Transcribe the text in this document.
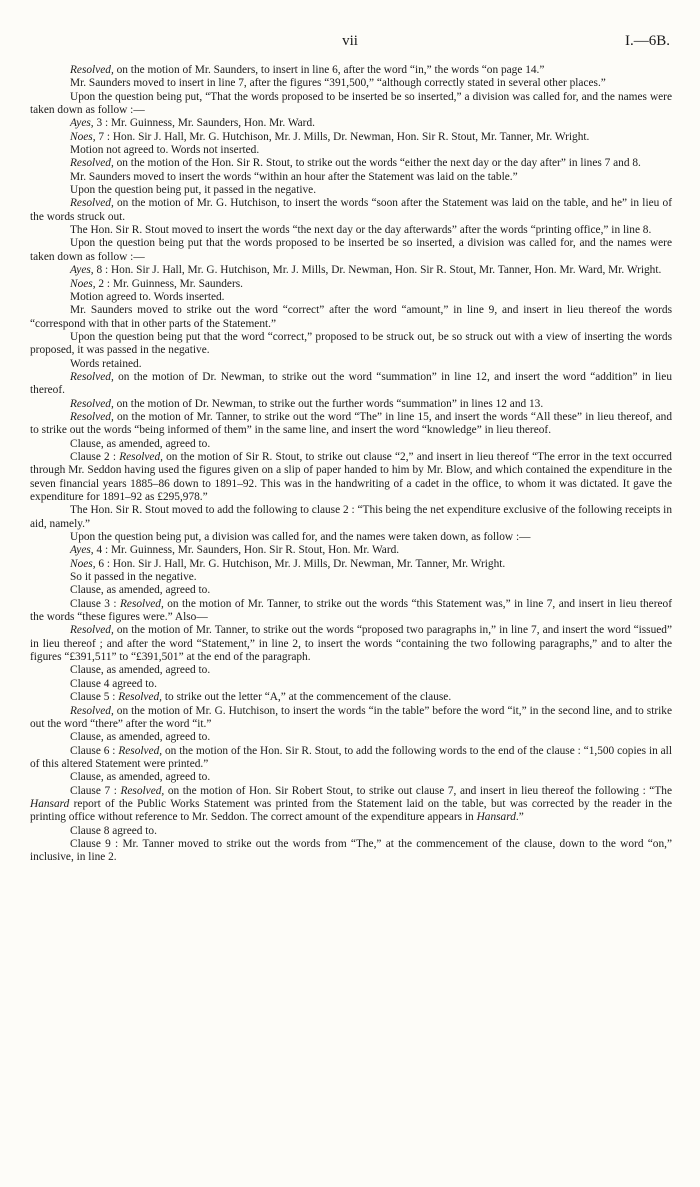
vii	I.—6B.

Resolved, on the motion of Mr. Saunders, to insert in line 6, after the word “in,” the words “on page 14.”

Mr. Saunders moved to insert in line 7, after the figures “391,500,” “although correctly stated in several other places.”

Upon the question being put, “That the words proposed to be inserted be so inserted,” a division was called for, and the names were taken down as follow :—

Ayes, 3 : Mr. Guinness, Mr. Saunders, Hon. Mr. Ward.

Noes, 7 : Hon. Sir J. Hall, Mr. G. Hutchison, Mr. J. Mills, Dr. Newman, Hon. Sir R. Stout, Mr. Tanner, Mr. Wright.

Motion not agreed to. Words not inserted.

Resolved, on the motion of the Hon. Sir R. Stout, to strike out the words “either the next day or the day after” in lines 7 and 8.

Mr. Saunders moved to insert the words “within an hour after the Statement was laid on the table.”

Upon the question being put, it passed in the negative.

Resolved, on the motion of Mr. G. Hutchison, to insert the words “soon after the Statement was laid on the table, and he” in lieu of the words struck out.

The Hon. Sir R. Stout moved to insert the words “the next day or the day afterwards” after the words “printing office,” in line 8.

Upon the question being put that the words proposed to be inserted be so inserted, a division was called for, and the names were taken down as follow :—

Ayes, 8 : Hon. Sir J. Hall, Mr. G. Hutchison, Mr. J. Mills, Dr. Newman, Hon. Sir R. Stout, Mr. Tanner, Hon. Mr. Ward, Mr. Wright.

Noes, 2 : Mr. Guinness, Mr. Saunders.

Motion agreed to. Words inserted.

Mr. Saunders moved to strike out the word “correct” after the word “amount,” in line 9, and insert in lieu thereof the words “correspond with that in other parts of the Statement.”

Upon the question being put that the word “correct,” proposed to be struck out, be so struck out with a view of inserting the words proposed, it was passed in the negative.

Words retained.

Resolved, on the motion of Dr. Newman, to strike out the word “summation” in line 12, and insert the word “addition” in lieu thereof.

Resolved, on the motion of Dr. Newman, to strike out the further words “summation” in lines 12 and 13.

Resolved, on the motion of Mr. Tanner, to strike out the word “The” in line 15, and insert the words “All these” in lieu thereof, and to strike out the words “being informed of them” in the same line, and insert the word “knowledge” in lieu thereof.

Clause, as amended, agreed to.

Clause 2 : Resolved, on the motion of Sir R. Stout, to strike out clause “2,” and insert in lieu thereof “The error in the text occurred through Mr. Seddon having used the figures given on a slip of paper handed to him by Mr. Blow, and which contained the expenditure in the seven financial years 1885–86 down to 1891–92. This was in the handwriting of a cadet in the office, to whom it was dictated. It gave the expenditure for 1891–92 as £295,978.”

The Hon. Sir R. Stout moved to add the following to clause 2 : “This being the net expenditure exclusive of the following receipts in aid, namely.”

Upon the question being put, a division was called for, and the names were taken down, as follow :—

Ayes, 4 : Mr. Guinness, Mr. Saunders, Hon. Sir R. Stout, Hon. Mr. Ward.

Noes, 6 : Hon. Sir J. Hall, Mr. G. Hutchison, Mr. J. Mills, Dr. Newman, Mr. Tanner, Mr. Wright.

So it passed in the negative.

Clause, as amended, agreed to.

Clause 3 : Resolved, on the motion of Mr. Tanner, to strike out the words “this Statement was,” in line 7, and insert in lieu thereof the words “these figures were.” Also—

Resolved, on the motion of Mr. Tanner, to strike out the words “proposed two paragraphs in,” in line 7, and insert the word “issued” in lieu thereof ; and after the word “Statement,” in line 2, to insert the words “containing the two following paragraphs,” and to alter the figures “£391,511” to “£391,501” at the end of the paragraph.

Clause, as amended, agreed to.

Clause 4 agreed to.

Clause 5 : Resolved, to strike out the letter “A,” at the commencement of the clause.

Resolved, on the motion of Mr. G. Hutchison, to insert the words “in the table” before the word “it,” in the second line, and to strike out the word “there” after the word “it.”

Clause, as amended, agreed to.

Clause 6 : Resolved, on the motion of the Hon. Sir R. Stout, to add the following words to the end of the clause : “1,500 copies in all of this altered Statement were printed.”

Clause, as amended, agreed to.

Clause 7 : Resolved, on the motion of Hon. Sir Robert Stout, to strike out clause 7, and insert in lieu thereof the following : “The Hansard report of the Public Works Statement was printed from the Statement laid on the table, but was corrected by the reader in the printing office without reference to Mr. Seddon. The correct amount of the expenditure appears in Hansard.”

Clause 8 agreed to.

Clause 9 : Mr. Tanner moved to strike out the words from “The,” at the commencement of the clause, down to the word “on,” inclusive, in line 2.
